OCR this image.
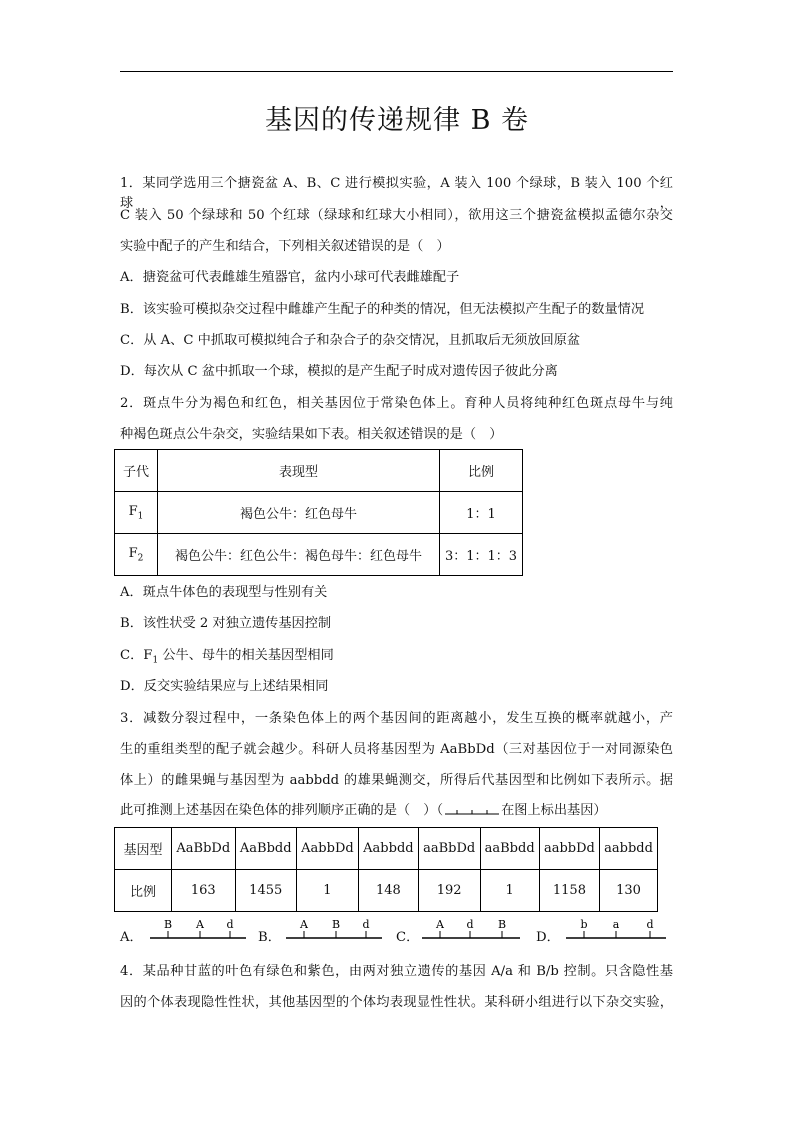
基因的传递规律 B 卷
1．某同学选用三个搪瓷盆 A、B、C 进行模拟实验，A 装入 100 个绿球，B 装入 100 个红球，
C 装入 50 个绿球和 50 个红球（绿球和红球大小相同），欲用这三个搪瓷盆模拟孟德尔杂交
实验中配子的产生和结合，下列相关叙述错误的是（　）
A．搪瓷盆可代表雌雄生殖器官，盆内小球可代表雌雄配子
B．该实验可模拟杂交过程中雌雄产生配子的种类的情况，但无法模拟产生配子的数量情况
C．从 A、C 中抓取可模拟纯合子和杂合子的杂交情况，且抓取后无须放回原盆
D．每次从 C 盆中抓取一个球，模拟的是产生配子时成对遗传因子彼此分离
2．斑点牛分为褐色和红色，相关基因位于常染色体上。育种人员将纯种红色斑点母牛与纯
种褐色斑点公牛杂交，实验结果如下表。相关叙述错误的是（　）
子代	表现型	比例
$F_1$	褐色公牛：红色母牛	1：1
$F_2$	褐色公牛：红色公牛：褐色母牛：红色母牛	3：1：1：3
A．斑点牛体色的表现型与性别有关
B．该性状受 2 对独立遗传基因控制
C．$F_1$ 公牛、母牛的相关基因型相同
D．反交实验结果应与上述结果相同
3．减数分裂过程中，一条染色体上的两个基因间的距离越小，发生互换的概率就越小，产
生的重组类型的配子就会越少。科研人员将基因型为 AaBbDd（三对基因位于一对同源染色
体上）的雌果蝇与基因型为 aabbdd 的雄果蝇测交，所得后代基因型和比例如下表所示。据
此可推测上述基因在染色体的排列顺序正确的是（　）（	在图上标出基因）
基因型	AaBbDd	AaBbdd	AabbDd	Aabbdd	aaBbDd	aaBbdd	aabbDd	aabbdd
比例	163	1455	1	148	192	1	1158	130
A．
B A d
B．
A B d
C．
A d B
D．
b a d
4．某品种甘蓝的叶色有绿色和紫色，由两对独立遗传的基因 A/a 和 B/b 控制。只含隐性基
因的个体表现隐性性状，其他基因型的个体均表现显性性状。某科研小组进行以下杂交实验，
